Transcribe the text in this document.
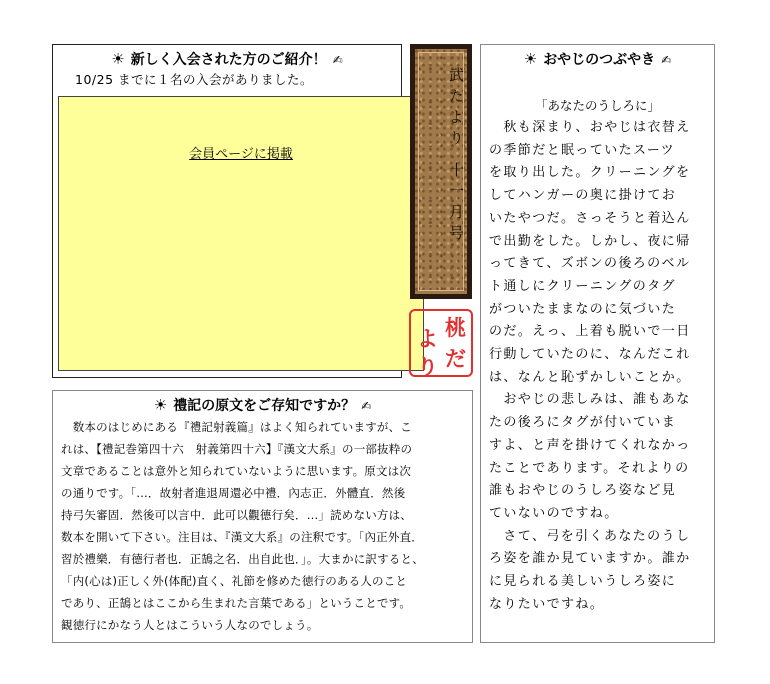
☀ 新しく入会された方のご紹介！ ✍
10/25 までに１名の入会がありました。
会員ページに掲載	武たより 十一月号
桃
だ
よ
り
☀ 禮記の原文をご存知ですか？ ✍
　数本のはじめにある『禮記射義篇』はよく知られていますが、こ
れは、【禮記巻第四十六　射義第四十六】『漢文大系』の一部抜粋の
文章であることは意外と知られていないように思います。原文は次
の通りです。「…．故射者進退周還必中禮．內志正．外體直．然後
持弓矢審固．然後可以言中．此可以觀德行矣．…」読めない方は、
数本を開いて下さい。注目は、『漢文大系』の注釈です。「內正外直．
習於禮樂．有德行者也．正鵠之名．出自此也．」。大まかに訳すると、
「内(心は)正しく外(体配)直く、礼節を修めた徳行のある人のこと
であり、正鵠とはここから生まれた言葉である」ということです。
観徳行にかなう人とはこういう人なのでしょう。
☀ おやじのつぶやき ✍
「あなたのうしろに」
　秋も深まり、おやじは衣替え
の季節だと眠っていたスーツ
を取り出した。クリーニングを
してハンガーの奥に掛けてお
いたやつだ。さっそうと着込ん
で出勤をした。しかし、夜に帰
ってきて、ズボンの後ろのベル
ト通しにクリーニングのタグ
がついたままなのに気づいた
のだ。えっ、上着も脱いで一日
行動していたのに、なんだこれ
は、なんと恥ずかしいことか。
　おやじの悲しみは、誰もあな
たの後ろにタグが付いていま
すよ、と声を掛けてくれなかっ
たことであります。それよりの
誰もおやじのうしろ姿など見
ていないのですね。
　さて、弓を引くあなたのうし
ろ姿を誰か見ていますか。誰か
に見られる美しいうしろ姿に
なりたいですね。
